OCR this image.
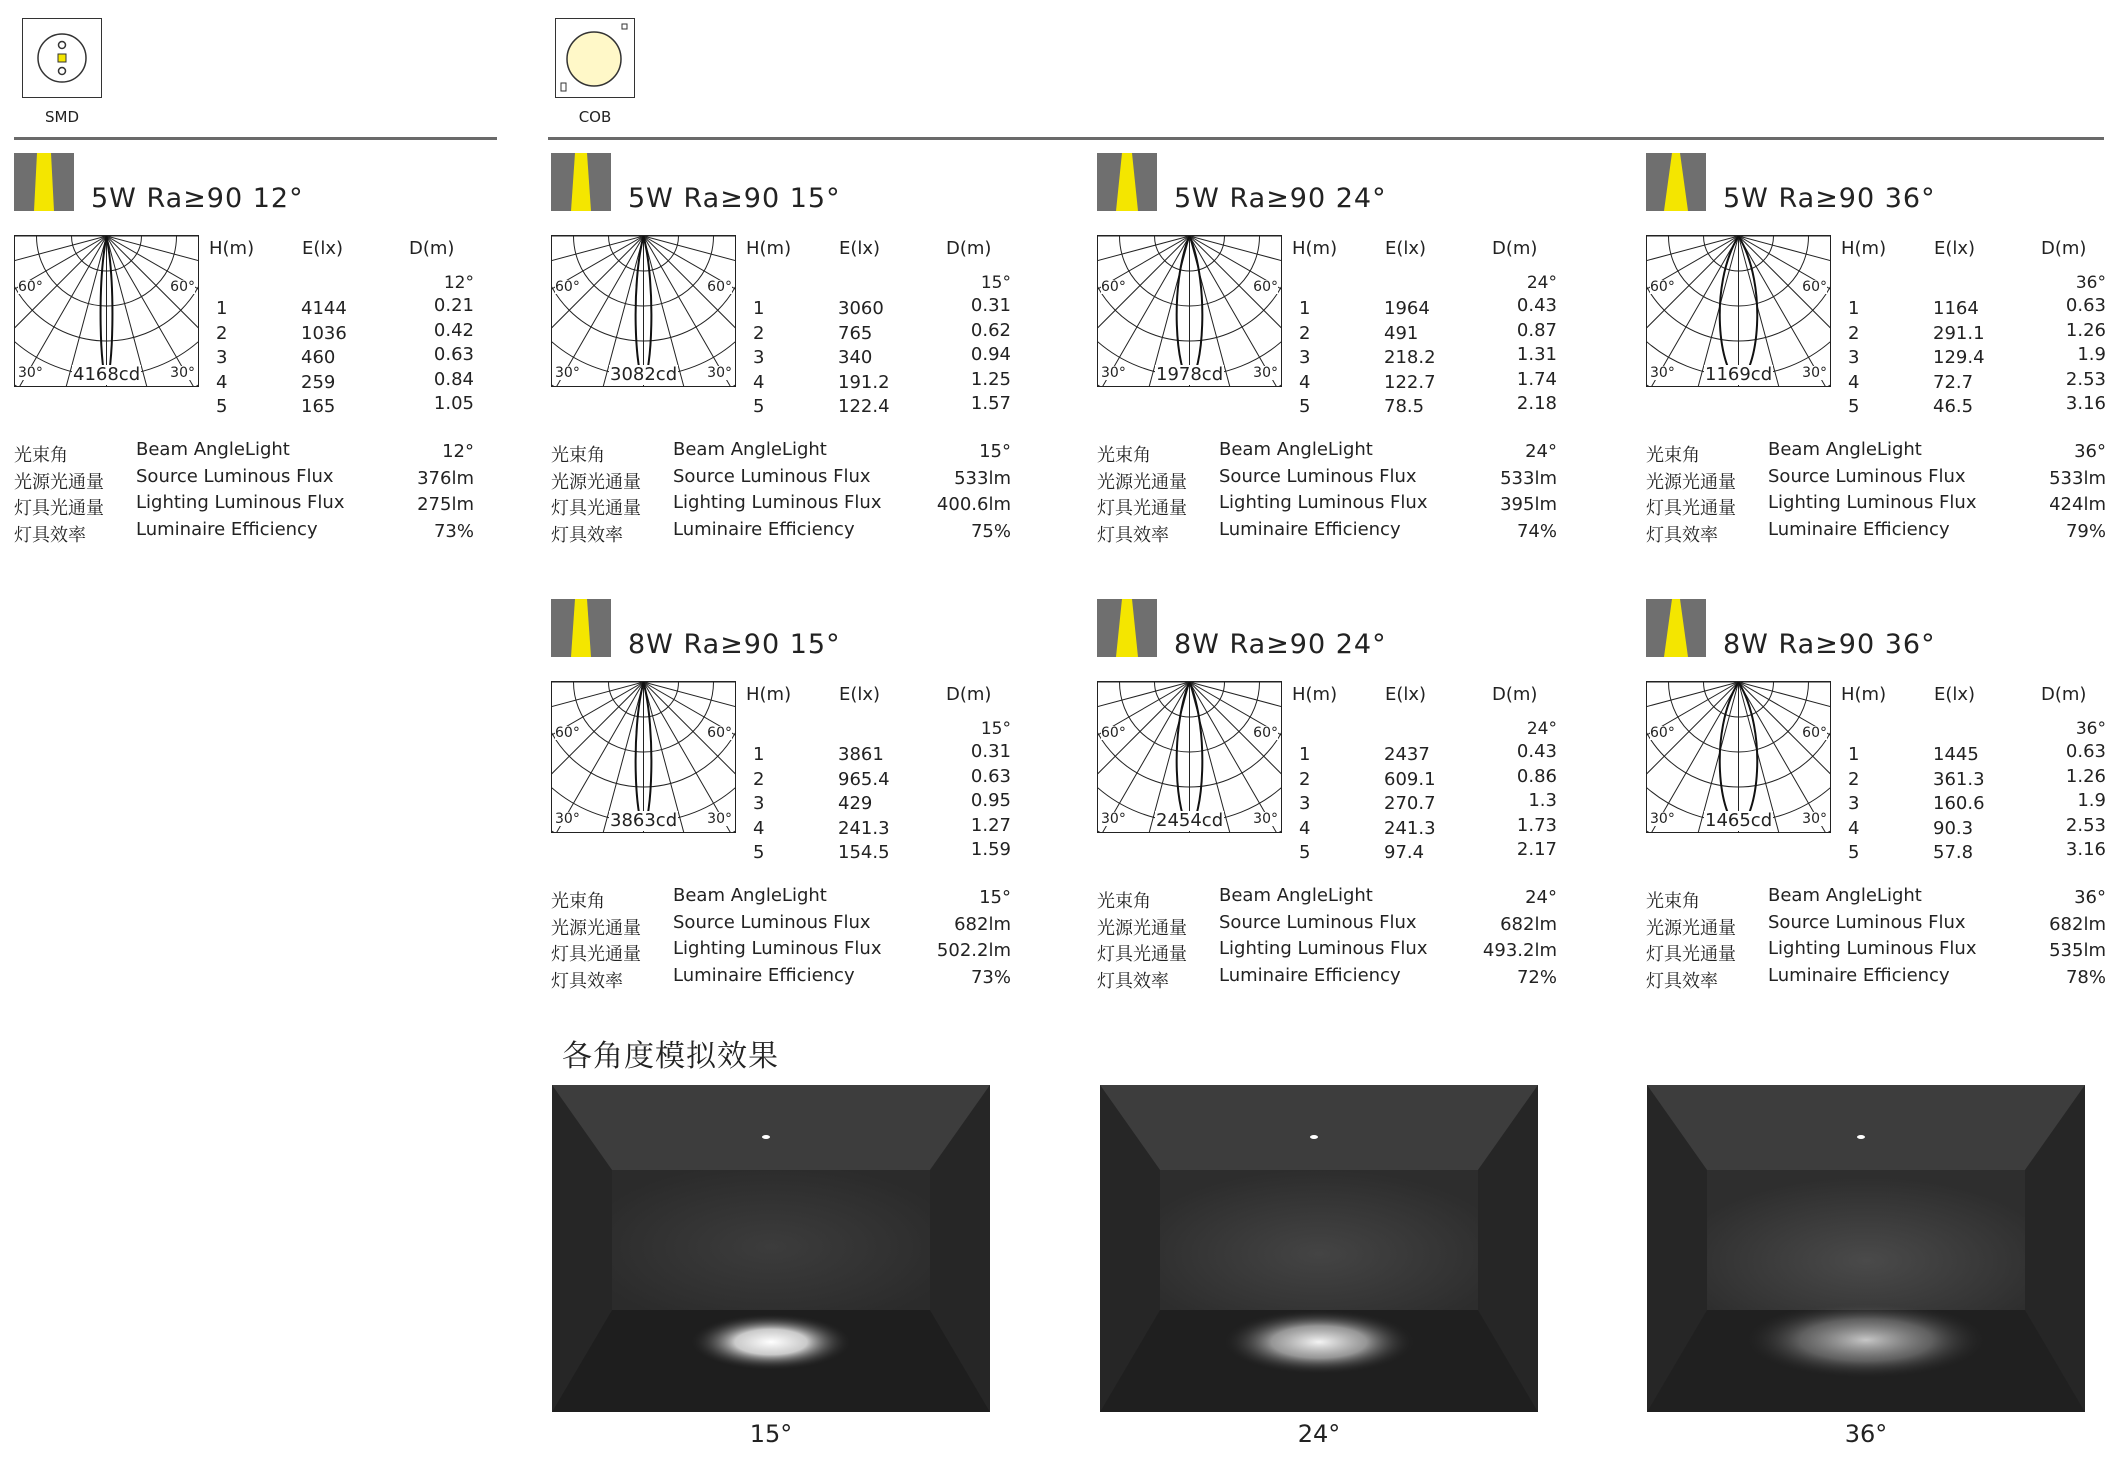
SMD	COB
5W Ra≥90 12°
60°	60°
30°	30°
4168cd
H(m)	E(lx)	D(m)
12°
1	4144	0.21
2	1036	0.42
3	460	0.63
4	259	0.84
5	165	1.05
光束角	Beam AngleLight	12°
光源光通量 Source Luminous Flux	376lm
灯具光通量 Lighting Luminous Flux	275lm
灯具效率	Luminaire Efficiency	73%
5W Ra≥90 15°
60°	60°
30°	30°
3082cd
H(m)	E(lx)	D(m)
15°
1	3060	0.31
2	765	0.62
3	340	0.94
4	191.2	1.25
5	122.4	1.57
光束角	Beam AngleLight	15°
光源光通量 Source Luminous Flux	533lm
灯具光通量 Lighting Luminous Flux	400.6lm
灯具效率	Luminaire Efficiency	75%
5W Ra≥90 24°
60°	60°
30°	30°
1978cd
H(m)	E(lx)	D(m)
24°
1	1964	0.43
2	491	0.87
3	218.2	1.31
4	122.7	1.74
5	78.5	2.18
光束角	Beam AngleLight	24°
光源光通量 Source Luminous Flux	533lm
灯具光通量 Lighting Luminous Flux	395lm
灯具效率	Luminaire Efficiency	74%
5W Ra≥90 36°
60°	60°
30°	30°
1169cd
H(m)	E(lx)	D(m)
36°
1	1164	0.63
2	291.1	1.26
3	129.4	1.9
4	72.7	2.53
5	46.5	3.16
光束角	Beam AngleLight	36°
光源光通量 Source Luminous Flux	533lm
灯具光通量 Lighting Luminous Flux	424lm
灯具效率	Luminaire Efficiency	79%
8W Ra≥90 15°
60°	60°
30°	30°
3863cd
H(m)	E(lx)	D(m)
15°
1	3861	0.31
2	965.4	0.63
3	429	0.95
4	241.3	1.27
5	154.5	1.59
光束角	Beam AngleLight	15°
光源光通量 Source Luminous Flux	682lm
灯具光通量 Lighting Luminous Flux	502.2lm
灯具效率	Luminaire Efficiency	73%
8W Ra≥90 24°
60°	60°
30°	30°
2454cd
H(m)	E(lx)	D(m)
24°
1	2437	0.43
2	609.1	0.86
3	270.7	1.3
4	241.3	1.73
5	97.4	2.17
光束角	Beam AngleLight	24°
光源光通量 Source Luminous Flux	682lm
灯具光通量 Lighting Luminous Flux	493.2lm
灯具效率	Luminaire Efficiency	72%
8W Ra≥90 36°
60°	60°
30°	30°
1465cd
H(m)	E(lx)	D(m)
36°
1	1445	0.63
2	361.3	1.26
3	160.6	1.9
4	90.3	2.53
5	57.8	3.16
光束角	Beam AngleLight	36°
光源光通量 Source Luminous Flux	682lm
灯具光通量 Lighting Luminous Flux	535lm
灯具效率	Luminaire Efficiency	78%
各角度模拟效果
15°	24°	36°
